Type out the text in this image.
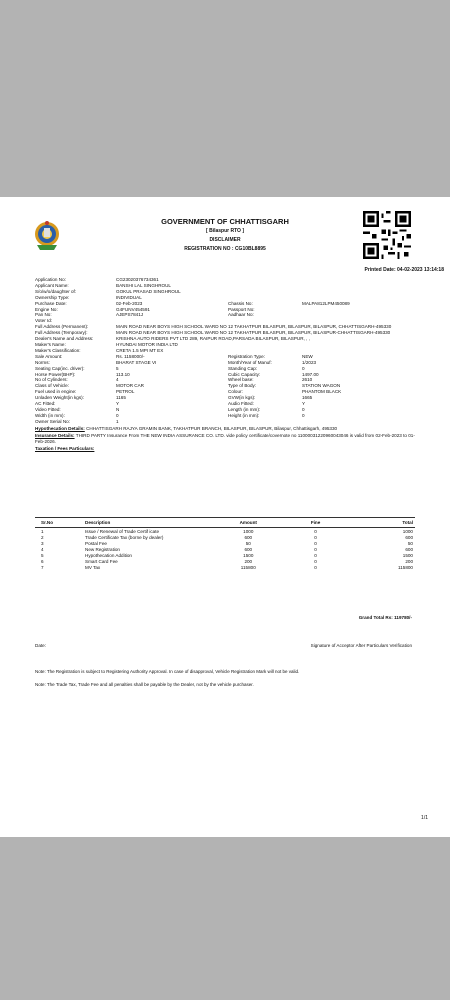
GOVERNMENT OF CHHATTISGARH
[ Bilaspur RTO ]
DISCLAIMER
REGISTRATION NO : CG10BL8895
Printed Date: 04-02-2023 13:14:18
Application No:	CG23020376734361
Applicant Name:	BANSHI LAL SINGHROUL
S/o/w/o/daughter of:	GOKUL PRASAD SINGHROUL
Ownership Type:	INDIVIDUAL
Purchase Date:	02-Feb-2023	Chassis No:	MALPA812LPM450089
Engine No:	G4FUNV454591	Passport No:
Pan No:	AJEPS7841J	Aadhaar No:
Voter Id:
Full Address (Permanent):	MAIN ROAD NEAR BOYS HIGH SCHOOL WARD NO 12 TAKHATPUR BILASPUR, BILASPUR, BILASPUR, CHHATTISGARH-495330
Full Address (Temporary):	MAIN ROAD NEAR BOYS HIGH SCHOOL WARD NO 12 TAKHATPUR BILASPUR, BILASPUR, BILASPUR-CHHATTISGARH-495330
Dealer's Name and Address:	KRISHNA AUTO RIDERS PVT LTD 289, RAIPUR ROAD,PARSADA BILASPUR, BILASPUR, , ,
Maker's Name:	HYUNDAI MOTOR INDIA LTD
Maker's Classification:	CRETA 1.5 MPI MT EX
Sale Amount:	Rs. 1158000/-	Registration Type:	NEW
Norms:	BHARAT STAGE VI	Month/Year of Manuf:	1/2023
Seating Cap(inc. driver):	5	Standing Cap:	0
Horse Power(BHP):	113.10	Cubic Capacity:	1497.00
No of Cylinders:	4	Wheel base:	2610
Class of Vehicle:	MOTOR CAR	Type of Body:	STATION WAGON
Fuel used in engine:	PETROL	Colour:	PHANTOM BLACK
Unladen Weight(in kgs):	1165	GVW(in kgs):	1665
AC Fitted:	Y	Audio Fitted:	Y
Video Fitted:	N	Length (in mm):	0
Width (in mm):	0	Height (in mm):	0
Owner Serial No:	1
Hypothecation Details: CHHATTISGARH RAJYA GRAMIN BANK, TAKHATPUR BRANCH, BILASPUR, BILASPUR, Bilaspur, Chhattisgarh, 495330
Insurance Details: THIRD PARTY Insurance From THE NEW INDIA ASSURANCE CO. LTD. vide policy certificate/covernote no 11000031220960043046 is valid from 02-Feb-2023 to 01-Feb-2026.
Taxation / Fees Particulars:
Sr.No	Description	Amount	Fine	Total
1	Issue / Renewal of Trade Certif icate	1000	0	1000
2	Trade Certificate Tax (borne by dealer)	600	0	600
3	Postal Fee	50	0	50
4	New Registration	600	0	600
5	Hypothecation Addition	1500	0	1500
6	Smart Card Fee	200	0	200
7	MV Tax	115800	0	115800
Grand Total Rs: 119780/-
Date:	Signature of Acceptor After Particulars Verification
Note: The Registration is subject to Registering Authority Approval. In case of disapproval, Vehicle Registration Mark will not be valid.
Note: The Trade Tax, Trade Fee and all penalties shall be payable by the Dealer, not by the vehicle purchaser.
1/1
